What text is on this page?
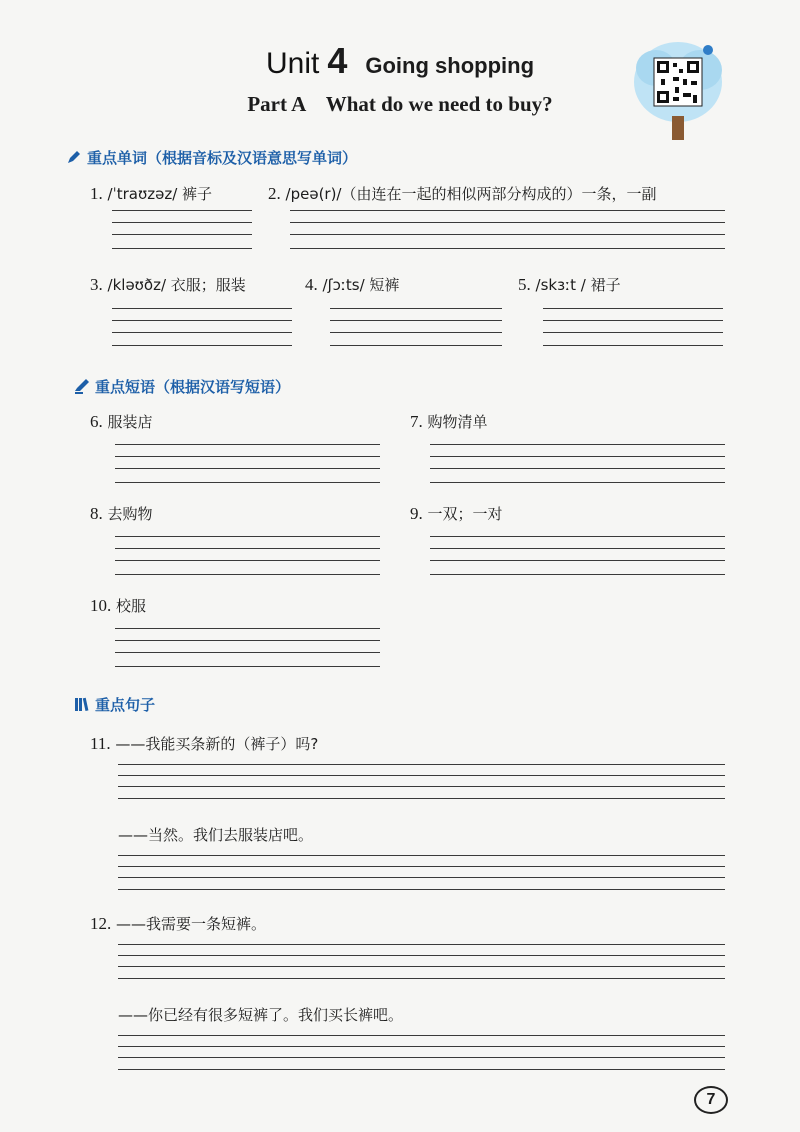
Unit 4 Going shopping
Part A    What do we need to buy?
重点单词（根据音标及汉语意思写单词）
1. /ˈtraʊzəz/ 裤子	2. /peə(r)/（由连在一起的相似两部分构成的）一条，一副
3. /kləʊðz/ 衣服；服装	4. /ʃɔːts/ 短裤	5. /skɜːt / 裙子
重点短语（根据汉语写短语）
6. 服装店	7. 购物清单
8. 去购物	9. 一双；一对
10. 校服
重点句子
11. ——我能买条新的（裤子）吗?
——当然。我们去服装店吧。
12. ——我需要一条短裤。
——你已经有很多短裤了。我们买长裤吧。
7
